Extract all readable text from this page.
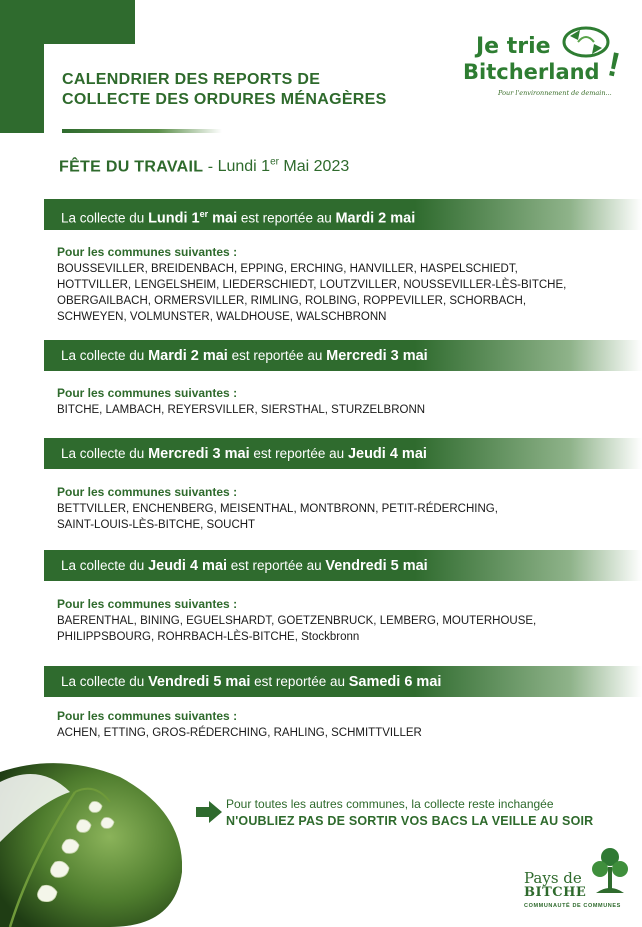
CALENDRIER DES REPORTS DE
COLLECTE DES ORDURES MÉNAGÈRES
Je trie
Bitcherland !
Pour l'environnement de demain...
FÊTE DU TRAVAIL - Lundi 1er Mai 2023
La collecte du Lundi 1er mai est reportée au Mardi 2 mai
Pour les communes suivantes :
BOUSSEVILLER, BREIDENBACH, EPPING, ERCHING, HANVILLER, HASPELSCHIEDT,
HOTTVILLER, LENGELSHEIM, LIEDERSCHIEDT, LOUTZVILLER, NOUSSEVILLER-LÈS-BITCHE,
OBERGAILBACH, ORMERSVILLER, RIMLING, ROLBING, ROPPEVILLER, SCHORBACH,
SCHWEYEN, VOLMUNSTER, WALDHOUSE, WALSCHBRONN
La collecte du Mardi 2 mai est reportée au Mercredi 3 mai
Pour les communes suivantes :
BITCHE, LAMBACH, REYERSVILLER, SIERSTHAL, STURZELBRONN
La collecte du Mercredi 3 mai est reportée au Jeudi 4 mai
Pour les communes suivantes :
BETTVILLER, ENCHENBERG, MEISENTHAL, MONTBRONN, PETIT-RÉDERCHING,
SAINT-LOUIS-LÈS-BITCHE, SOUCHT
La collecte du Jeudi 4 mai est reportée au Vendredi 5 mai
Pour les communes suivantes :
BAERENTHAL, BINING, EGUELSHARDT, GOETZENBRUCK, LEMBERG, MOUTERHOUSE,
PHILIPPSBOURG, ROHRBACH-LÈS-BITCHE, Stockbronn
La collecte du Vendredi 5 mai est reportée au Samedi 6 mai
Pour les communes suivantes :
ACHEN, ETTING, GROS-RÉDERCHING, RAHLING, SCHMITTVILLER
Pour toutes les autres communes, la collecte reste inchangée
N'OUBLIEZ PAS DE SORTIR VOS BACS LA VEILLE AU SOIR
Pays de
BITCHE
COMMUNAUTÉ DE COMMUNES
